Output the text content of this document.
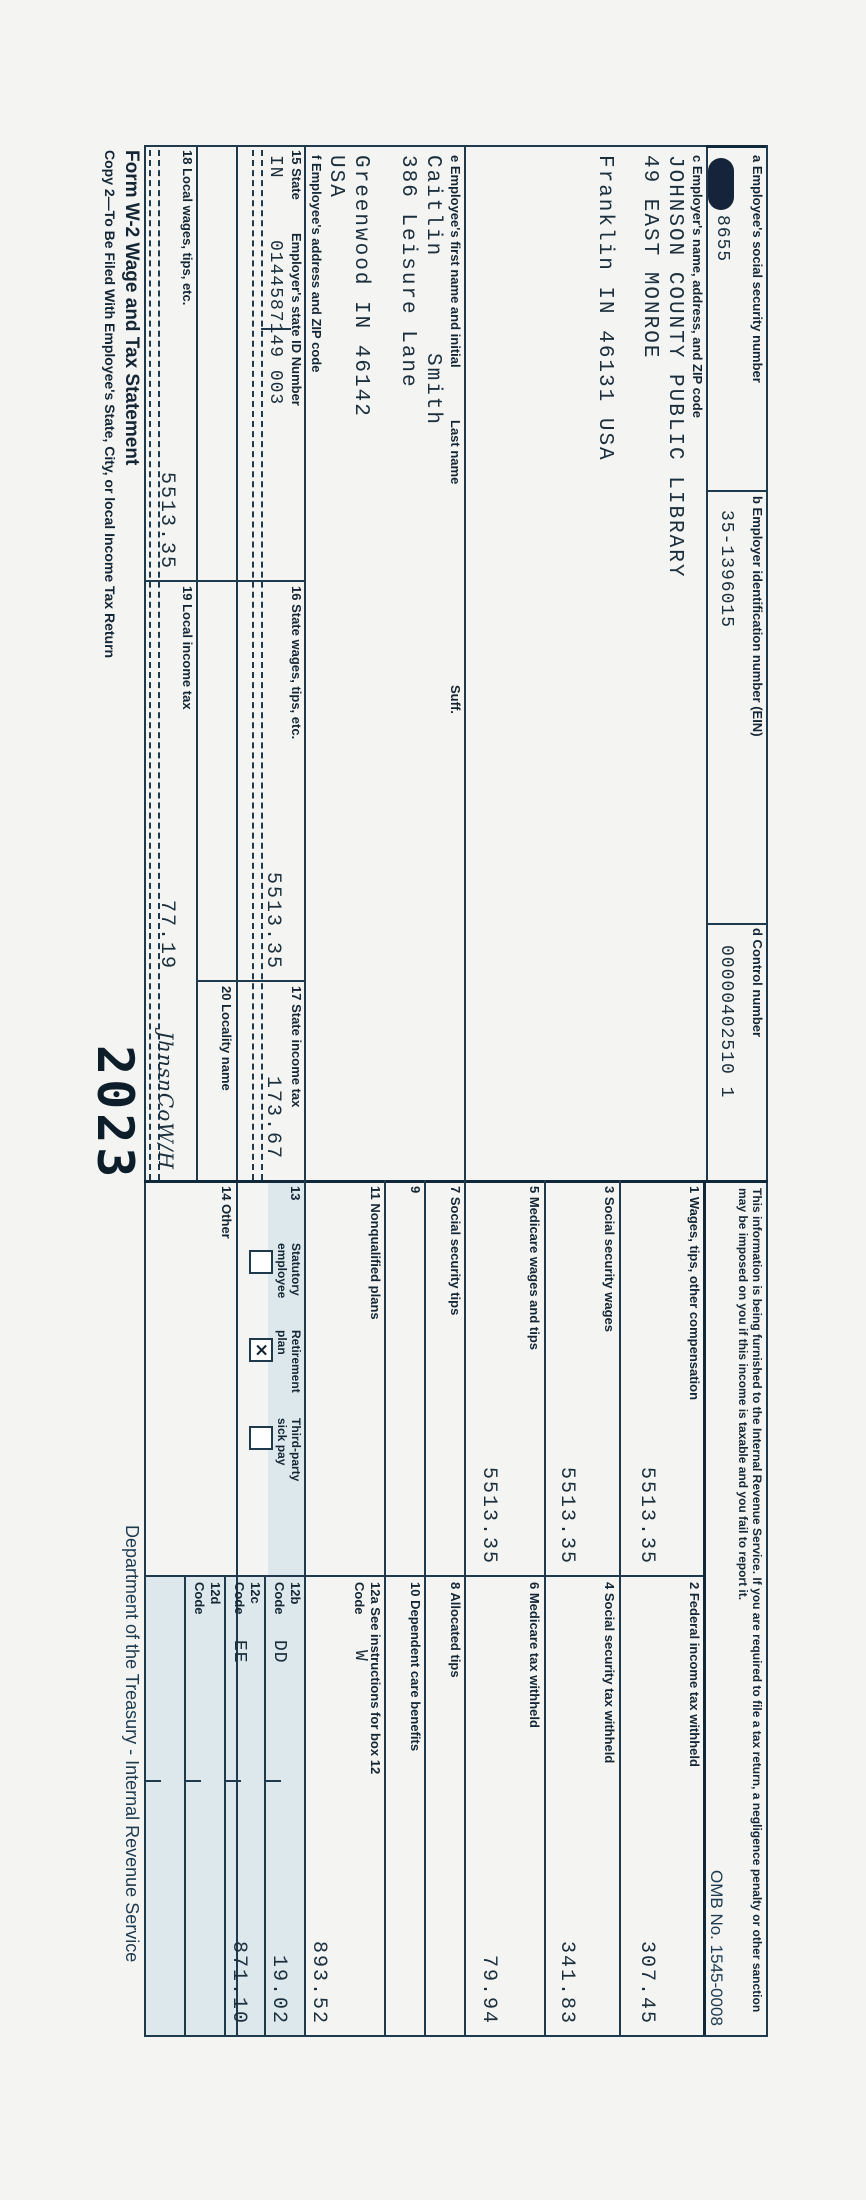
a Employee's social security number
8655
b Employer identification number (EIN)
35-1396015
d Control number
00000402510 1
c Employer's name, address, and ZIP code
JOHNSON COUNTY PUBLIC LIBRARY
49 EAST MONROE
Franklin IN 46131 USA
e Employee's first name and initial
Last name
Suff.
Caitlin
Smith
386 Leisure Lane
Greenwood IN 46142
USA
f Employee's address and ZIP code
15 State
Employer's state ID Number
IN
0144587149 003
16 State wages, tips, etc.
5513.35
17 State income tax
173.67
18 Local wages, tips, etc.
5513.35
19 Local income tax
77.19
20 Locality name
JhnsnCoW/H
This information is being furnished to the Internal Revenue Service. If you are required to file a tax return, a negligence penalty or other sanction may be imposed on you if this income is taxable and you fail to report it.
OMB No. 1545-0008
1 Wages, tips, other compensation
5513.35
2 Federal income tax withheld
307.45
3 Social security wages
5513.35
4 Social security tax withheld
341.83
5 Medicare wages and tips
5513.35
6 Medicare tax withheld
79.94
7 Social security tips
8 Allocated tips
9
10 Dependent care benefits
11 Nonqualified plans
12a See instructions for box 12
Code
W
893.52
13
Statutory employee
Retirement plan
Third-party sick pay
×
12b
Code
DD
19.02
14 Other
12c
Code
EE
871.10
12d
Code
Form W-2 Wage and Tax Statement
Copy 2—To Be Filed With Employee's State, City, or local Income Tax Return
2023
Department of the Treasury - Internal Revenue Service
